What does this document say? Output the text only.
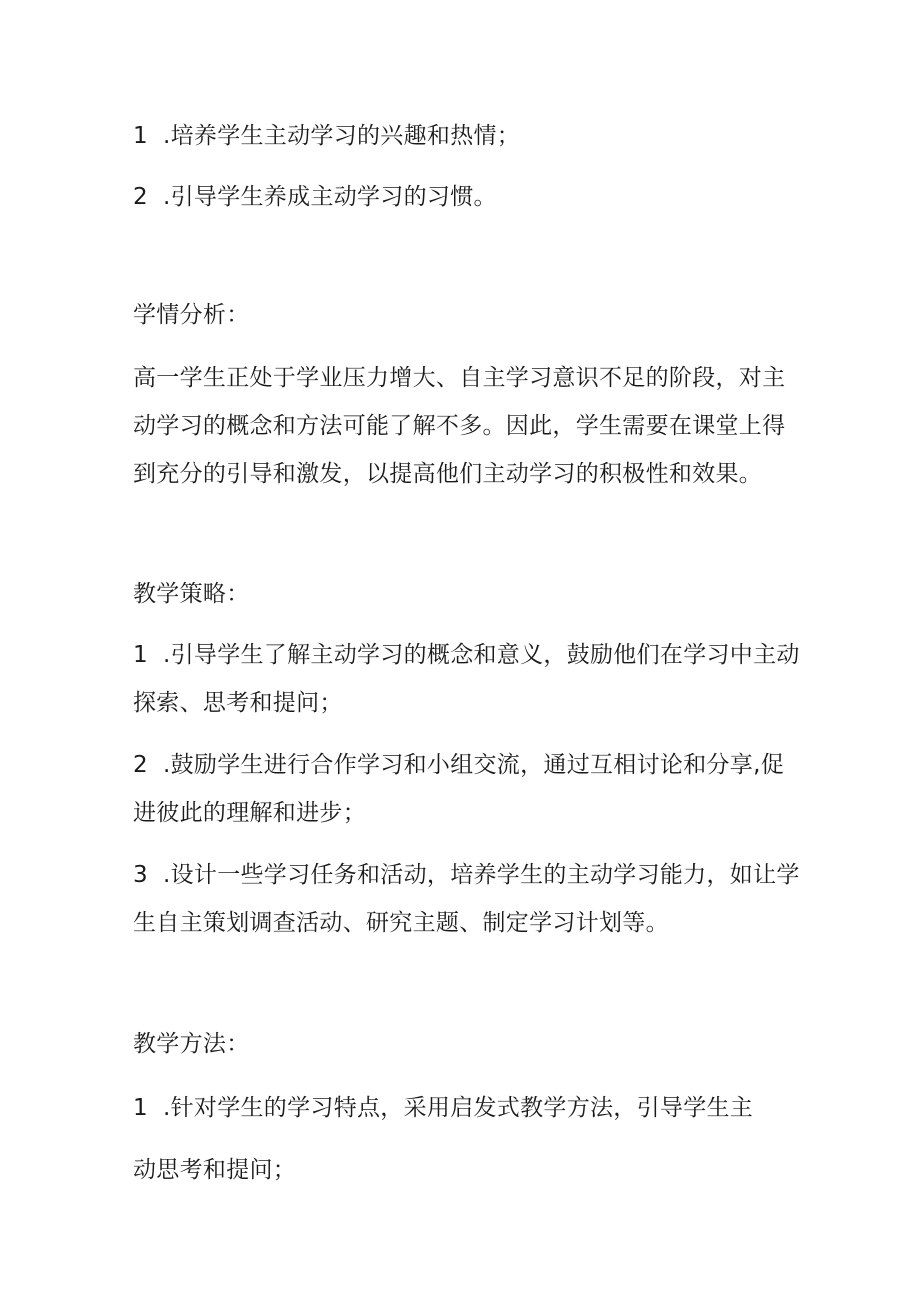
1 .培养学生主动学习的兴趣和热情；
2 .引导学生养成主动学习的习惯。
学情分析：
高一学生正处于学业压力增大、自主学习意识不足的阶段，对主
动学习的概念和方法可能了解不多。因此，学生需要在课堂上得
到充分的引导和激发，以提高他们主动学习的积极性和效果。
教学策略：
1 .引导学生了解主动学习的概念和意义，鼓励他们在学习中主动
探索、思考和提问；
2 .鼓励学生进行合作学习和小组交流，通过互相讨论和分享,促
进彼此的理解和进步；
3 .设计一些学习任务和活动，培养学生的主动学习能力，如让学
生自主策划调查活动、研究主题、制定学习计划等。
教学方法：
1 .针对学生的学习特点，采用启发式教学方法，引导学生主
动思考和提问；
